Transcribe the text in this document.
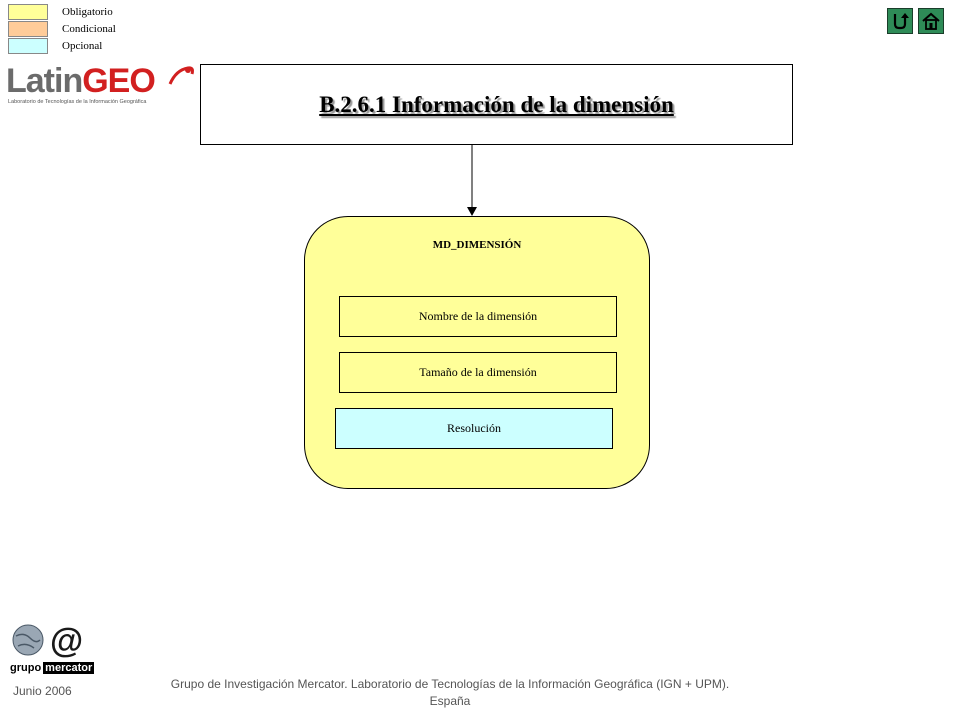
Obligatorio
Condicional
Opcional
LatinGEO
Laboratorio de Tecnologías de la Información Geográfica	B.2.6.1 Información de la dimensión
MD_DIMENSIÓN
Nombre de la dimensión
Tamaño de la dimensión
Resolución
@
grupo mercator
Junio 2006	Grupo de Investigación Mercator. Laboratorio de Tecnologías de la Información Geográfica (IGN + UPM).
España
